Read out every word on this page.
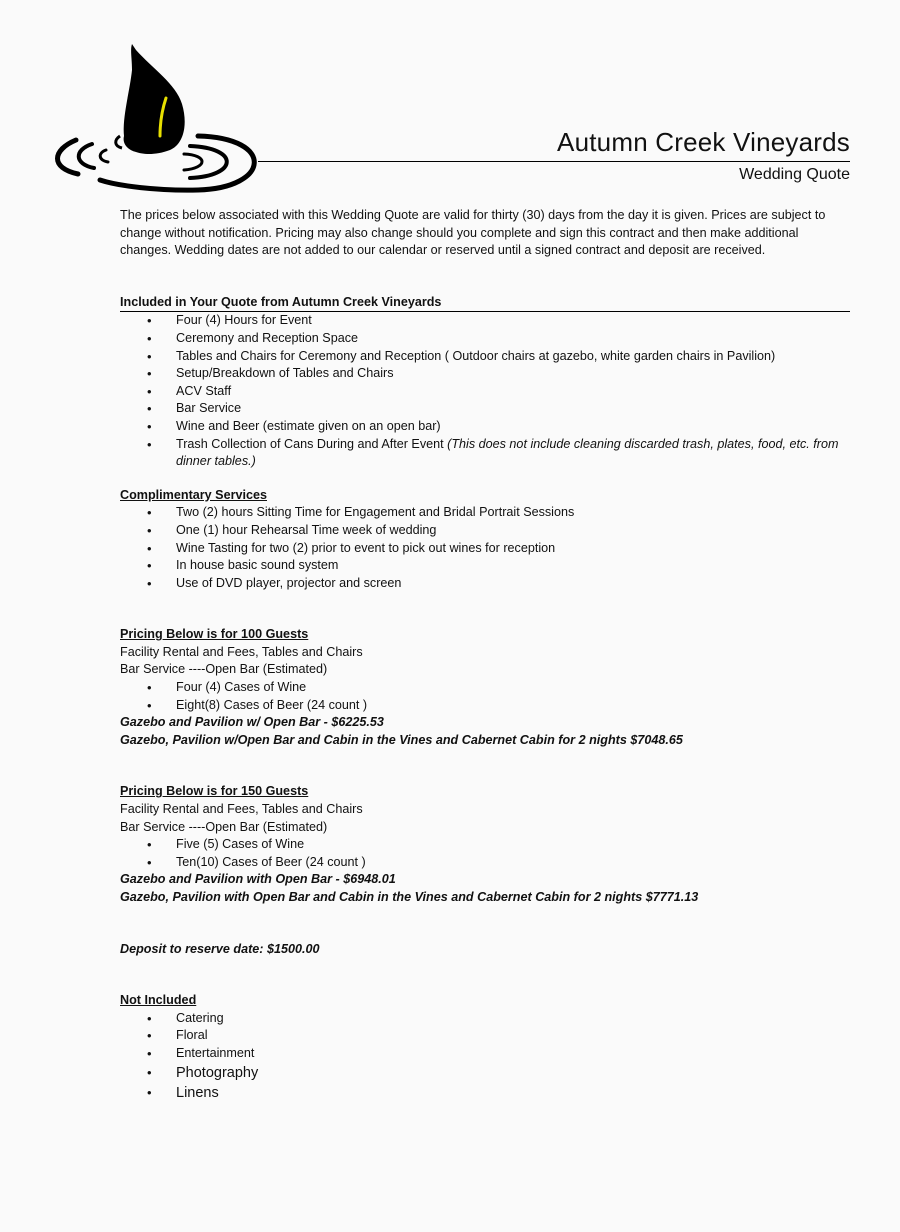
Autumn Creek Vineyards
Wedding Quote

The prices below associated with this Wedding Quote are valid for thirty (30) days from the day it is given. Prices are subject to change without notification. Pricing may also change should you complete and sign this contract and then make additional changes. Wedding dates are not added to our calendar or reserved until a signed contract and deposit are received.

Included in Your Quote from Autumn Creek Vineyards

• Four (4) Hours for Event
• Ceremony and Reception Space
• Tables and Chairs for Ceremony and Reception ( Outdoor chairs at gazebo, white garden chairs in Pavilion)
• Setup/Breakdown of Tables and Chairs
• ACV Staff
• Bar Service
• Wine and Beer (estimate given on an open bar)
• Trash Collection of Cans During and After Event (This does not include cleaning discarded trash, plates, food, etc. from dinner tables.)

Complimentary Services

• Two (2) hours Sitting Time for Engagement and Bridal Portrait Sessions
• One (1) hour Rehearsal Time week of wedding
• Wine Tasting for two (2) prior to event to pick out wines for reception
• In house basic sound system
• Use of DVD player, projector and screen

Pricing Below is for 100 Guests

Facility Rental and Fees, Tables and Chairs

Bar Service ----Open Bar (Estimated)

• Four (4) Cases of Wine
• Eight(8) Cases of Beer (24 count )

Gazebo and Pavilion w/ Open Bar - $6225.53

Gazebo, Pavilion w/Open Bar and Cabin in the Vines and Cabernet Cabin for 2 nights $7048.65

Pricing Below is for 150 Guests

Facility Rental and Fees, Tables and Chairs

Bar Service ----Open Bar (Estimated)

• Five (5) Cases of Wine
• Ten(10) Cases of Beer (24 count )

Gazebo and Pavilion with Open Bar - $6948.01

Gazebo, Pavilion with Open Bar and Cabin in the Vines and Cabernet Cabin for 2 nights $7771.13

Deposit to reserve date: $1500.00

Not Included

• Catering
• Floral
• Entertainment
• Photography
• Linens
